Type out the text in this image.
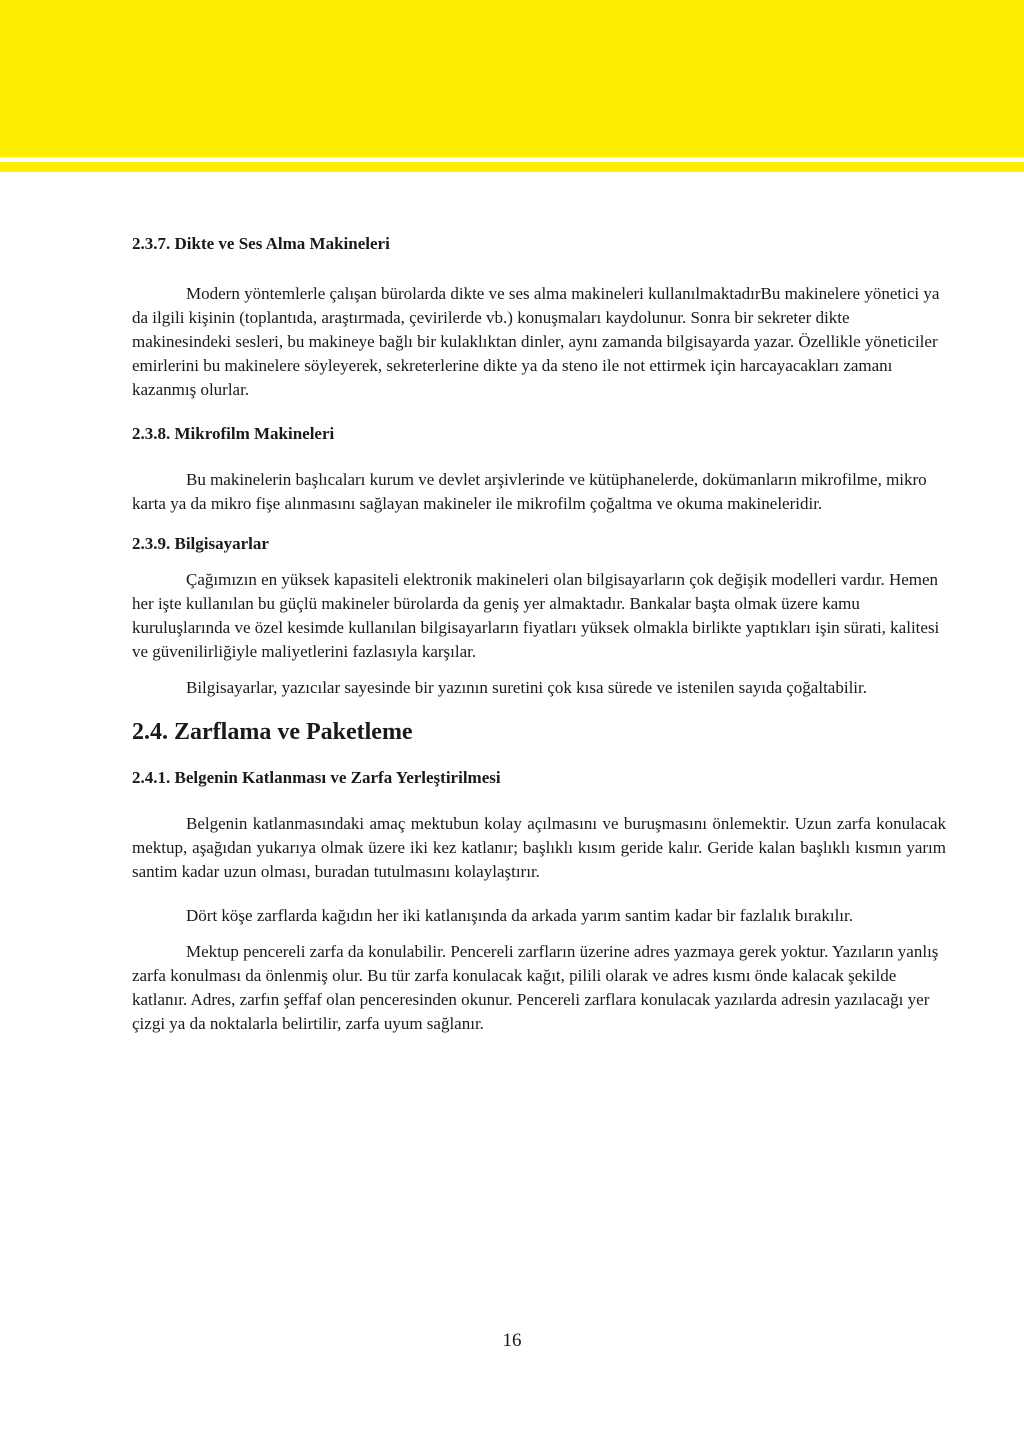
2.3.7. Dikte ve Ses Alma Makineleri

Modern yöntemlerle çalışan bürolarda dikte ve ses alma makineleri kullanılmaktadırBu makinelere yönetici ya da ilgili kişinin (toplantıda, araştırmada, çevirilerde vb.) konuşmaları kaydolunur. Sonra bir sekreter dikte makinesindeki sesleri, bu makineye bağlı bir kulaklıktan dinler, aynı zamanda bilgisayarda yazar. Özellikle yöneticiler emirlerini bu makinelere söyleyerek, sekreterlerine dikte ya da steno ile not ettirmek için harcayacakları zamanı kazanmış olurlar.

2.3.8. Mikrofilm Makineleri

Bu makinelerin başlıcaları kurum ve devlet arşivlerinde ve kütüphanelerde, dokümanların mikrofilme, mikro karta ya da mikro fişe alınmasını sağlayan makineler ile mikrofilm çoğaltma ve okuma makineleridir.

2.3.9. Bilgisayarlar

Çağımızın en yüksek kapasiteli elektronik makineleri olan bilgisayarların çok değişik modelleri vardır. Hemen her işte kullanılan bu güçlü makineler bürolarda da geniş yer almaktadır. Bankalar başta olmak üzere kamu kuruluşlarında ve özel kesimde kullanılan bilgisayarların fiyatları yüksek olmakla birlikte yaptıkları işin sürati, kalitesi ve güvenilirliğiyle maliyetlerini fazlasıyla karşılar.

Bilgisayarlar, yazıcılar sayesinde bir yazının suretini çok kısa sürede ve istenilen sayıda çoğaltabilir.

2.4. Zarflama ve Paketleme
2.4.1. Belgenin Katlanması ve Zarfa Yerleştirilmesi

Belgenin katlanmasındaki amaç mektubun kolay açılmasını ve buruşmasını önlemektir. Uzun zarfa konulacak mektup, aşağıdan yukarıya olmak üzere iki kez katlanır; başlıklı kısım geride kalır. Geride kalan başlıklı kısmın yarım santim kadar uzun olması, buradan tutulmasını kolaylaştırır.

Dört köşe zarflarda kağıdın her iki katlanışında da arkada yarım santim kadar bir fazlalık bırakılır.

Mektup pencereli zarfa da konulabilir. Pencereli zarfların üzerine adres yazmaya gerek yoktur. Yazıların yanlış zarfa konulması da önlenmiş olur. Bu tür zarfa konulacak kağıt, pilili olarak ve adres kısmı önde kalacak şekilde katlanır. Adres, zarfın şeffaf olan penceresinden okunur. Pencereli zarflara konulacak yazılarda adresin yazılacağı yer çizgi ya da noktalarla belirtilir, zarfa uyum sağlanır.

16
